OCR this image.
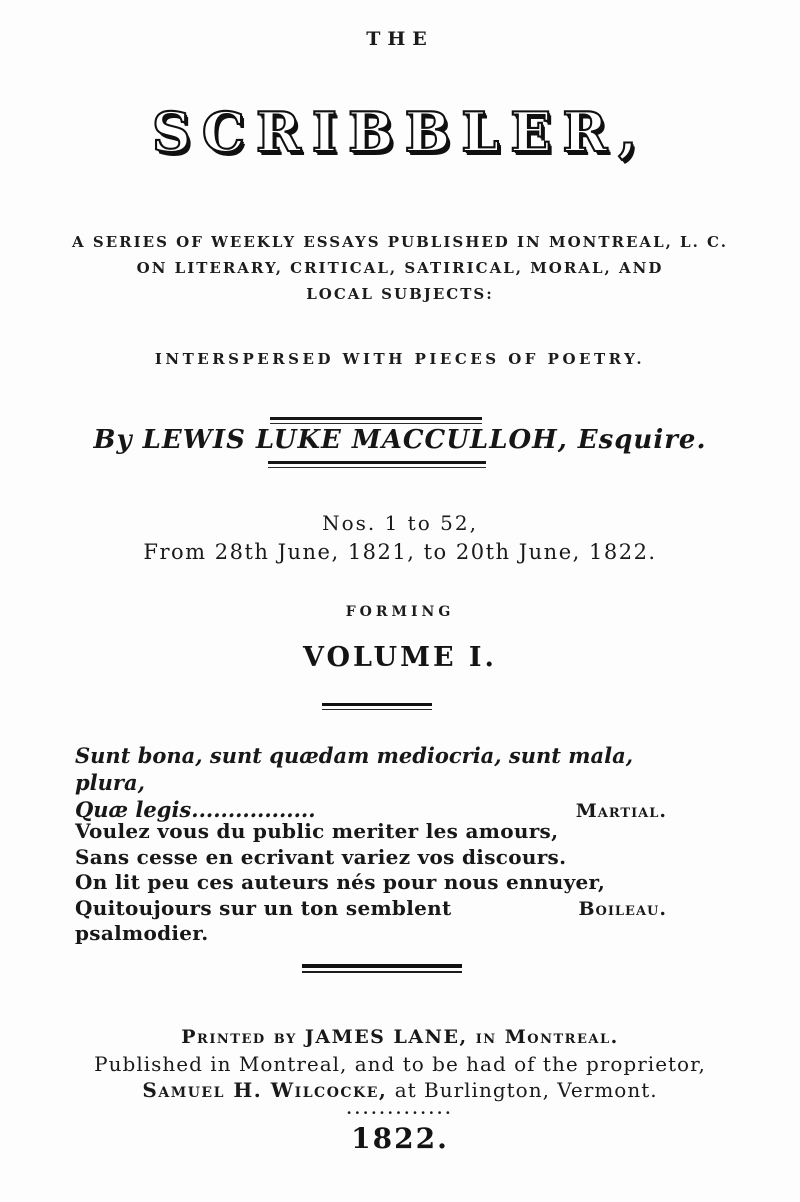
THE
SCRIBBLER,
A SERIES OF WEEKLY ESSAYS PUBLISHED IN MONTREAL, L. C.
ON LITERARY, CRITICAL, SATIRICAL, MORAL, AND
LOCAL SUBJECTS:
INTERSPERSED WITH PIECES OF POETRY.
By LEWIS LUKE MACCULLOH, Esquire.
Nos. 1 to 52,
From 28th June, 1821, to 20th June, 1822.
FORMING
VOLUME I.
Sunt bona, sunt quædam mediocria, sunt mala, plura,
Quæ legis.................	Martial.
Voulez vous du public meriter les amours,
Sans cesse en ecrivant variez vos discours.
On lit peu ces auteurs nés pour nous ennuyer,
Quitoujours sur un ton semblent psalmodier.
Boileau.
Printed by JAMES LANE, in Montreal.
Published in Montreal, and to be had of the proprietor,
Samuel H. Wilcocke, at Burlington, Vermont.
.............
1822.
